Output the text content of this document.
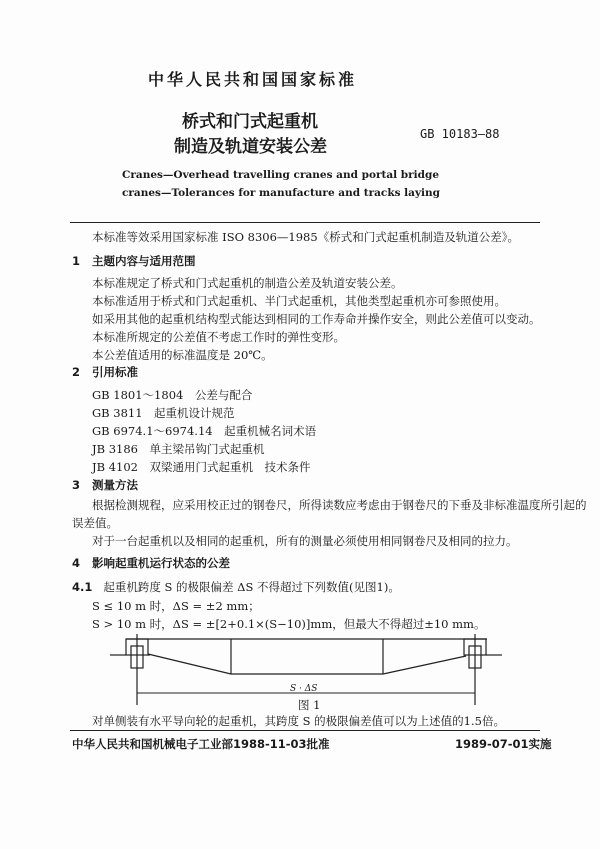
中华人民共和国国家标准
桥式和门式起重机
制造及轨道安装公差
GB 10183—88
Cranes—Overhead travelling cranes and portal bridge
cranes—Tolerances for manufacture and tracks laying
本标准等效采用国家标准 ISO 8306—1985《桥式和门式起重机制造及轨道公差》。
1 主题内容与适用范围
本标准规定了桥式和门式起重机的制造公差及轨道安装公差。
本标准适用于桥式和门式起重机、半门式起重机，其他类型起重机亦可参照使用。
如采用其他的起重机结构型式能达到相同的工作寿命并操作安全，则此公差值可以变动。
本标准所规定的公差值不考虑工作时的弹性变形。
本公差值适用的标准温度是 20℃。
2 引用标准
GB 1801～1804　公差与配合
GB 3811　起重机设计规范
GB 6974.1～6974.14　起重机械名词术语
JB 3186　单主梁吊钩门式起重机
JB 4102　双梁通用门式起重机　技术条件
3 测量方法
根据检测规程，应采用校正过的钢卷尺，所得读数应考虑由于钢卷尺的下垂及非标准温度所引起的
误差值。
对于一台起重机以及相同的起重机，所有的测量必须使用相同钢卷尺及相同的拉力。
4 影响起重机运行状态的公差
4.1 起重机跨度 S 的极限偏差 ΔS 不得超过下列数值(见图1)。
S ≤ 10 m 时，ΔS = ±2 mm；
S > 10 m 时，ΔS = ±[2+0.1×(S−10)]mm，但最大不得超过±10 mm。
S · ΔS
图 1
对单侧装有水平导向轮的起重机，其跨度 S 的极限偏差值可以为上述值的1.5倍。
中华人民共和国机械电子工业部1988-11-03批准	1989-07-01实施
